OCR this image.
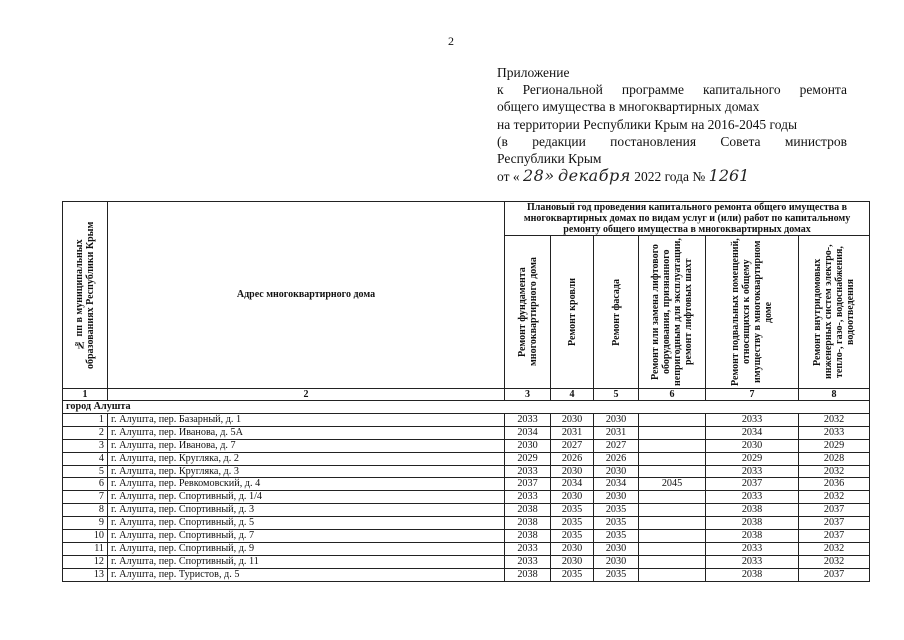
2
Приложение
к Региональной программе капитального ремонта
общего имущества в многоквартирных домах
на территории Республики Крым на 2016-2045 годы
(в редакции постановления Совета министров
Республики Крым
от « 28» декабря 2022 года № 1261
№ пп в муниципальных образованиях Республики Крым	Адрес многоквартирного дома	Плановый год проведения капитального ремонта общего имущества в многоквартирных домах по видам услуг и (или) работ по капитальному ремонту общего имущества в многоквартирных домах					

		Ремонт фундамента многоквартирного дома	Ремонт кровли	Ремонт фасада	Ремонт или замена лифтового оборудования, признанного непригодным для эксплуатации, ремонт лифтовых шахт	Ремонт подвальных помещений, относящихся к общему имуществу в многоквартирном доме	Ремонт внутридомовых инженерных систем электро-, тепло-, газо-, водоснабжения, водоотведения

1	2	3	4	5	6	7	8
город Алушта							
1	г. Алушта, пер. Базарный, д. 1	2033	2030	2030		2033	2032
2	г. Алушта, пер. Иванова, д. 5А	2034	2031	2031		2034	2033
3	г. Алушта, пер. Иванова, д. 7	2030	2027	2027		2030	2029
4	г. Алушта, пер. Кругляка, д. 2	2029	2026	2026		2029	2028
5	г. Алушта, пер. Кругляка, д. 3	2033	2030	2030		2033	2032
6	г. Алушта, пер. Ревкомовский, д. 4	2037	2034	2034	2045	2037	2036
7	г. Алушта, пер. Спортивный, д. 1/4	2033	2030	2030		2033	2032
8	г. Алушта, пер. Спортивный, д. 3	2038	2035	2035		2038	2037
9	г. Алушта, пер. Спортивный, д. 5	2038	2035	2035		2038	2037
10	г. Алушта, пер. Спортивный, д. 7	2038	2035	2035		2038	2037
11	г. Алушта, пер. Спортивный, д. 9	2033	2030	2030		2033	2032
12	г. Алушта, пер. Спортивный, д. 11	2033	2030	2030		2033	2032
13	г. Алушта, пер. Туристов, д. 5	2038	2035	2035		2038	2037
